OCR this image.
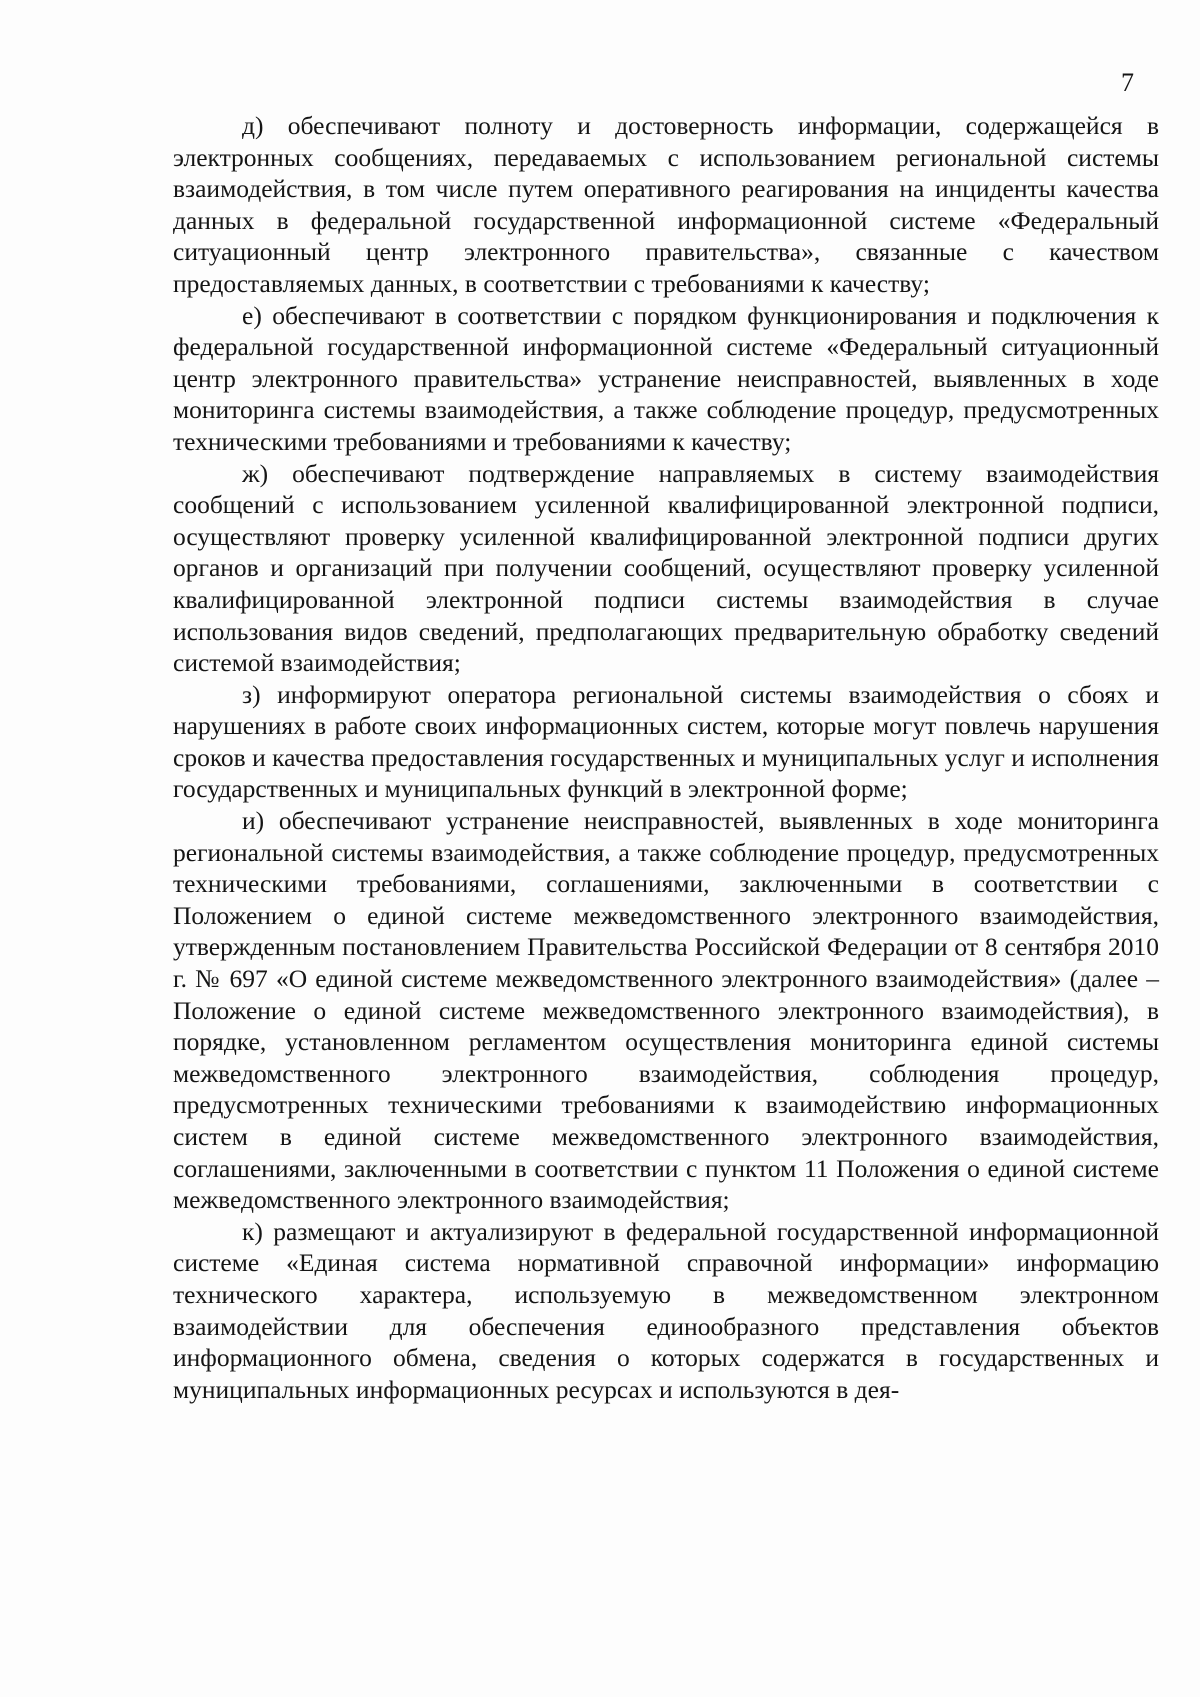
7

д) обеспечивают полноту и достоверность информации, содержащейся в электронных сообщениях, передаваемых с использованием региональной системы взаимодействия, в том числе путем оперативного реагирования на инциденты качества данных в федеральной государственной информационной системе «Федеральный ситуационный центр электронного правительства», связанные с качеством предоставляемых данных, в соответствии с требованиями к качеству;

е) обеспечивают в соответствии с порядком функционирования и подключения к федеральной государственной информационной системе «Федеральный ситуационный центр электронного правительства» устранение неисправностей, выявленных в ходе мониторинга системы взаимодействия, а также соблюдение процедур, предусмотренных техническими требованиями и требованиями к качеству;

ж) обеспечивают подтверждение направляемых в систему взаимодействия сообщений с использованием усиленной квалифицированной электронной подписи, осуществляют проверку усиленной квалифицированной электронной подписи других органов и организаций при получении сообщений, осуществляют проверку усиленной квалифицированной электронной подписи системы взаимодействия в случае использования видов сведений, предполагающих предварительную обработку сведений системой взаимодействия;

з) информируют оператора региональной системы взаимодействия о сбоях и нарушениях в работе своих информационных систем, которые могут повлечь нарушения сроков и качества предоставления государственных и муниципальных услуг и исполнения государственных и муниципальных функций в электронной форме;

и) обеспечивают устранение неисправностей, выявленных в ходе мониторинга региональной системы взаимодействия, а также соблюдение процедур, предусмотренных техническими требованиями, соглашениями, заключенными в соответствии с Положением о единой системе межведомственного электронного взаимодействия, утвержденным постановлением Правительства Российской Федерации от 8 сентября 2010 г. № 697 «О единой системе межведомственного электронного взаимодействия» (далее – Положение о единой системе межведомственного электронного взаимодействия), в порядке, установленном регламентом осуществления мониторинга единой системы межведомственного электронного взаимодействия, соблюдения процедур, предусмотренных техническими требованиями к взаимодействию информационных систем в единой системе межведомственного электронного взаимодействия, соглашениями, заключенными в соответствии с пунктом 11 Положения о единой системе межведомственного электронного взаимодействия;

к) размещают и актуализируют в федеральной государственной информационной системе «Единая система нормативной справочной информации» информацию технического характера, используемую в межведомственном электронном взаимодействии для обеспечения единообразного представления объектов информационного обмена, сведения о которых содержатся в государственных и муниципальных информационных ресурсах и используются в дея-
